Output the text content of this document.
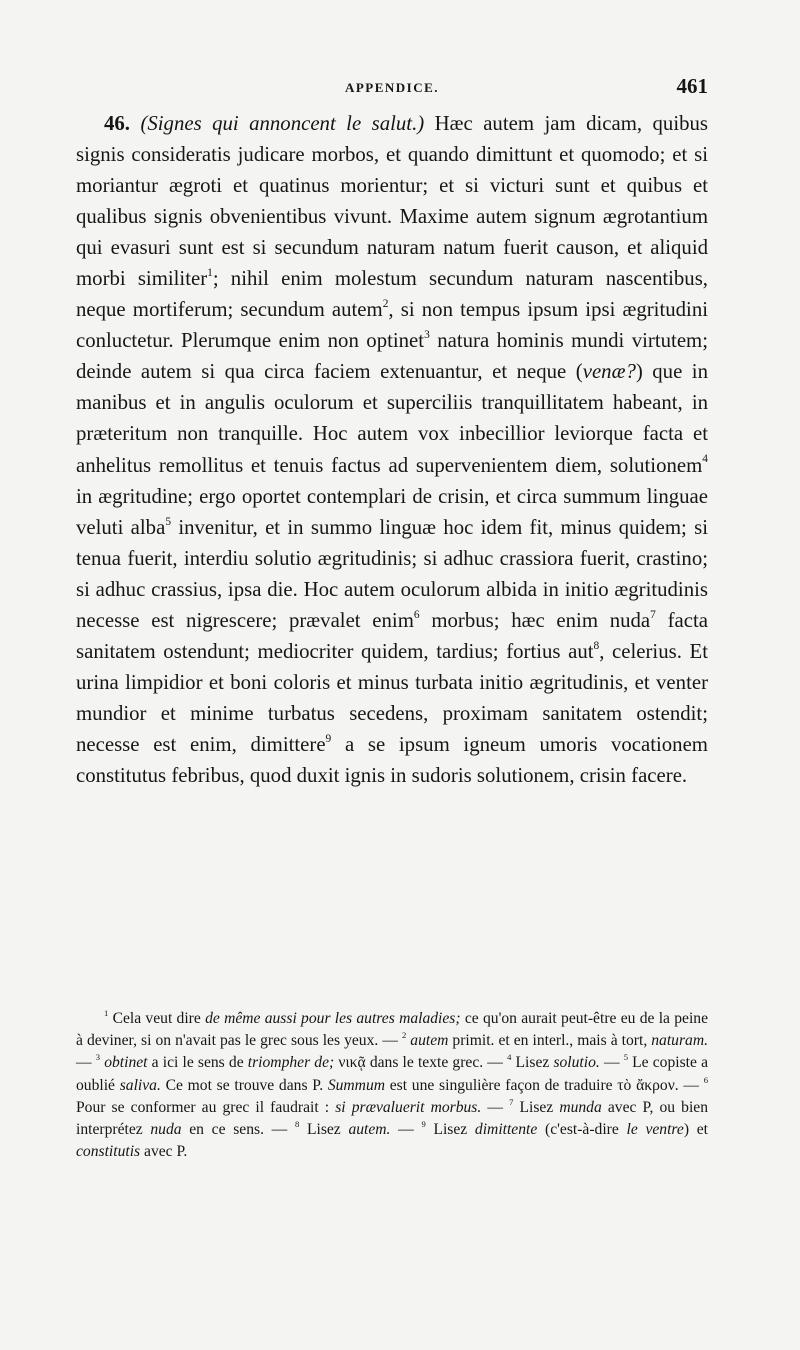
APPENDICE.	461

46. (Signes qui annoncent le salut.) Hæc autem jam dicam, quibus signis consideratis judicare morbos, et quando dimittunt et quomodo; et si moriantur ægroti et quatinus morientur; et si victuri sunt et quibus et qualibus signis obvenientibus vivunt. Maxime autem signum ægrotantium qui evasuri sunt est si secundum naturam natum fuerit causon, et aliquid morbi similiter$^1$; nihil enim molestum secundum naturam nascentibus, neque mortiferum; secundum autem$^2$, si non tempus ipsum ipsi ægritudini conluctetur. Plerumque enim non optinet$^3$ natura hominis mundi virtutem; deinde autem si qua circa faciem extenuantur, et neque (venæ?) que in manibus et in angulis oculorum et superciliis tranquillitatem habeant, in præteritum non tranquille. Hoc autem vox inbecillior leviorque facta et anhelitus remollitus et tenuis factus ad supervenientem diem, solutionem$^4$ in ægritudine; ergo oportet contemplari de crisin, et circa summum linguae veluti alba$^5$ invenitur, et in summo linguæ hoc idem fit, minus quidem; si tenua fuerit, interdiu solutio ægritudinis; si adhuc crassiora fuerit, crastino; si adhuc crassius, ipsa die. Hoc autem oculorum albida in initio ægritudinis necesse est nigrescere; prævalet enim$^6$ morbus; hæc enim nuda$^7$ facta sanitatem ostendunt; mediocriter quidem, tardius; fortius aut$^8$, celerius. Et urina limpidior et boni coloris et minus turbata initio ægritudinis, et venter mundior et minime turbatus secedens, proximam sanitatem ostendit; necesse est enim, dimittere$^9$ a se ipsum igneum umoris vocationem constitutus febribus, quod duxit ignis in sudoris solutionem, crisin facere.

$^1$ Cela veut dire de même aussi pour les autres maladies; ce qu'on aurait peut-être eu de la peine à deviner, si on n'avait pas le grec sous les yeux. — $^2$ autem primit. et en interl., mais à tort, naturam. — $^3$ obtinet a ici le sens de triompher de; νικᾷ dans le texte grec. — $^4$ Lisez solutio. — $^5$ Le copiste a oublié saliva. Ce mot se trouve dans P. Summum est une singulière façon de traduire τὸ ἄκρον. — $^6$ Pour se conformer au grec il faudrait : si prævaluerit morbus. — $^7$ Lisez munda avec P, ou bien interprétez nuda en ce sens. — $^8$ Lisez autem. — $^9$ Lisez dimittente (c'est-à-dire le ventre) et constitutis avec P.
